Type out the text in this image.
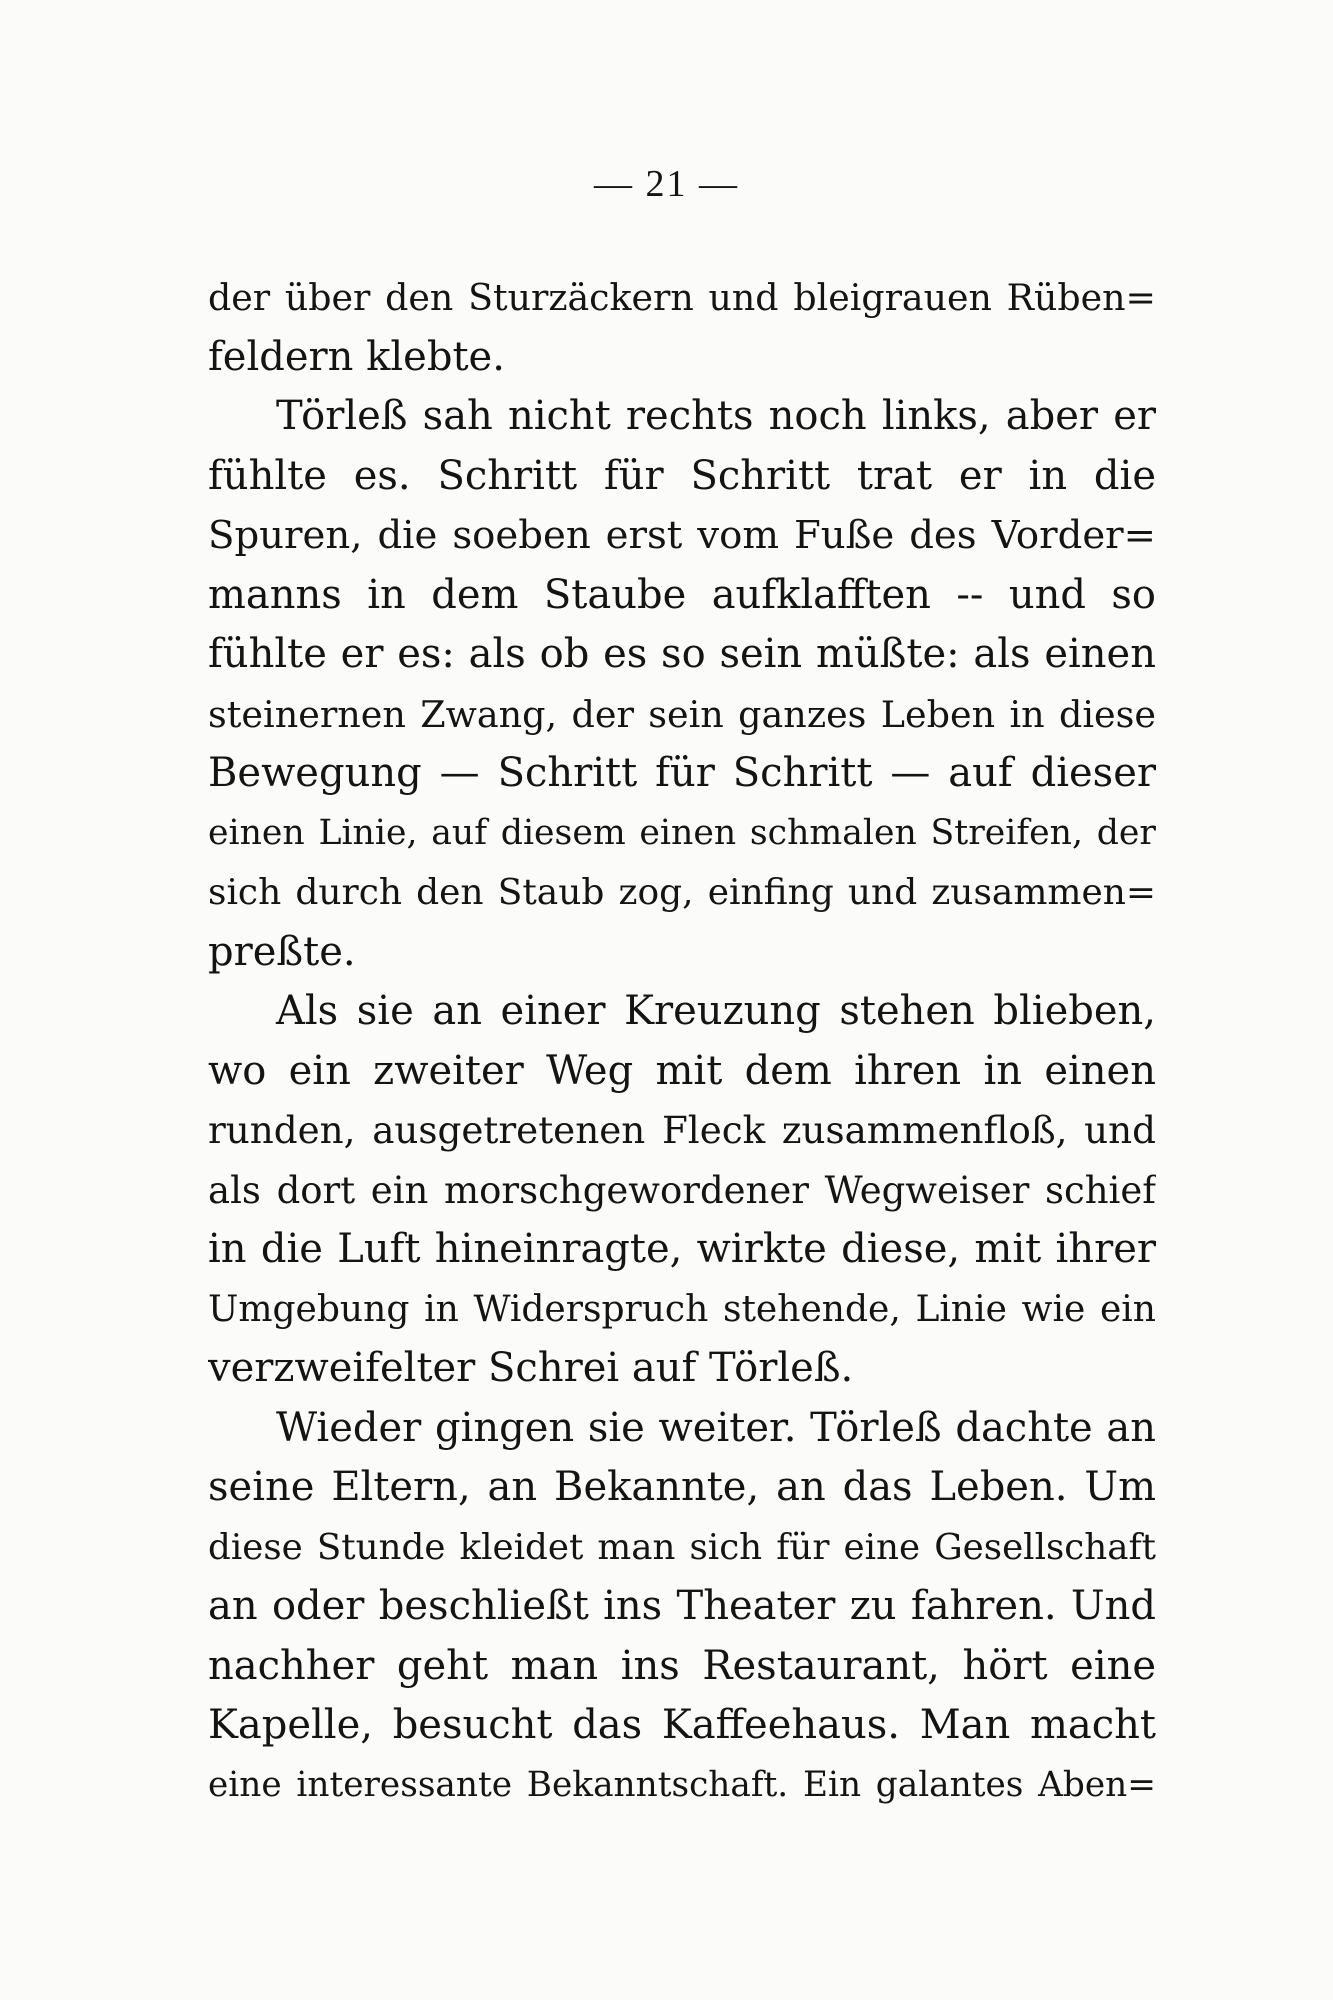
— 21 —
der über den Sturzäckern und bleigrauen Rüben=
feldern klebte.
Törleß sah nicht rechts noch links, aber er
fühlte es. Schritt für Schritt trat er in die
Spuren, die soeben erst vom Fuße des Vorder=
manns in dem Staube aufklafften -- und so
fühlte er es: als ob es so sein müßte: als einen
steinernen Zwang, der sein ganzes Leben in diese
Bewegung — Schritt für Schritt — auf dieser
einen Linie, auf diesem einen schmalen Streifen, der
sich durch den Staub zog, einfing und zusammen=
preßte.
Als sie an einer Kreuzung stehen blieben,
wo ein zweiter Weg mit dem ihren in einen
runden, ausgetretenen Fleck zusammenfloß, und
als dort ein morschgewordener Wegweiser schief
in die Luft hineinragte, wirkte diese, mit ihrer
Umgebung in Widerspruch stehende, Linie wie ein
verzweifelter Schrei auf Törleß.
Wieder gingen sie weiter. Törleß dachte an
seine Eltern, an Bekannte, an das Leben. Um
diese Stunde kleidet man sich für eine Gesellschaft
an oder beschließt ins Theater zu fahren. Und
nachher geht man ins Restaurant, hört eine
Kapelle, besucht das Kaffeehaus. Man macht
eine interessante Bekanntschaft. Ein galantes Aben=
